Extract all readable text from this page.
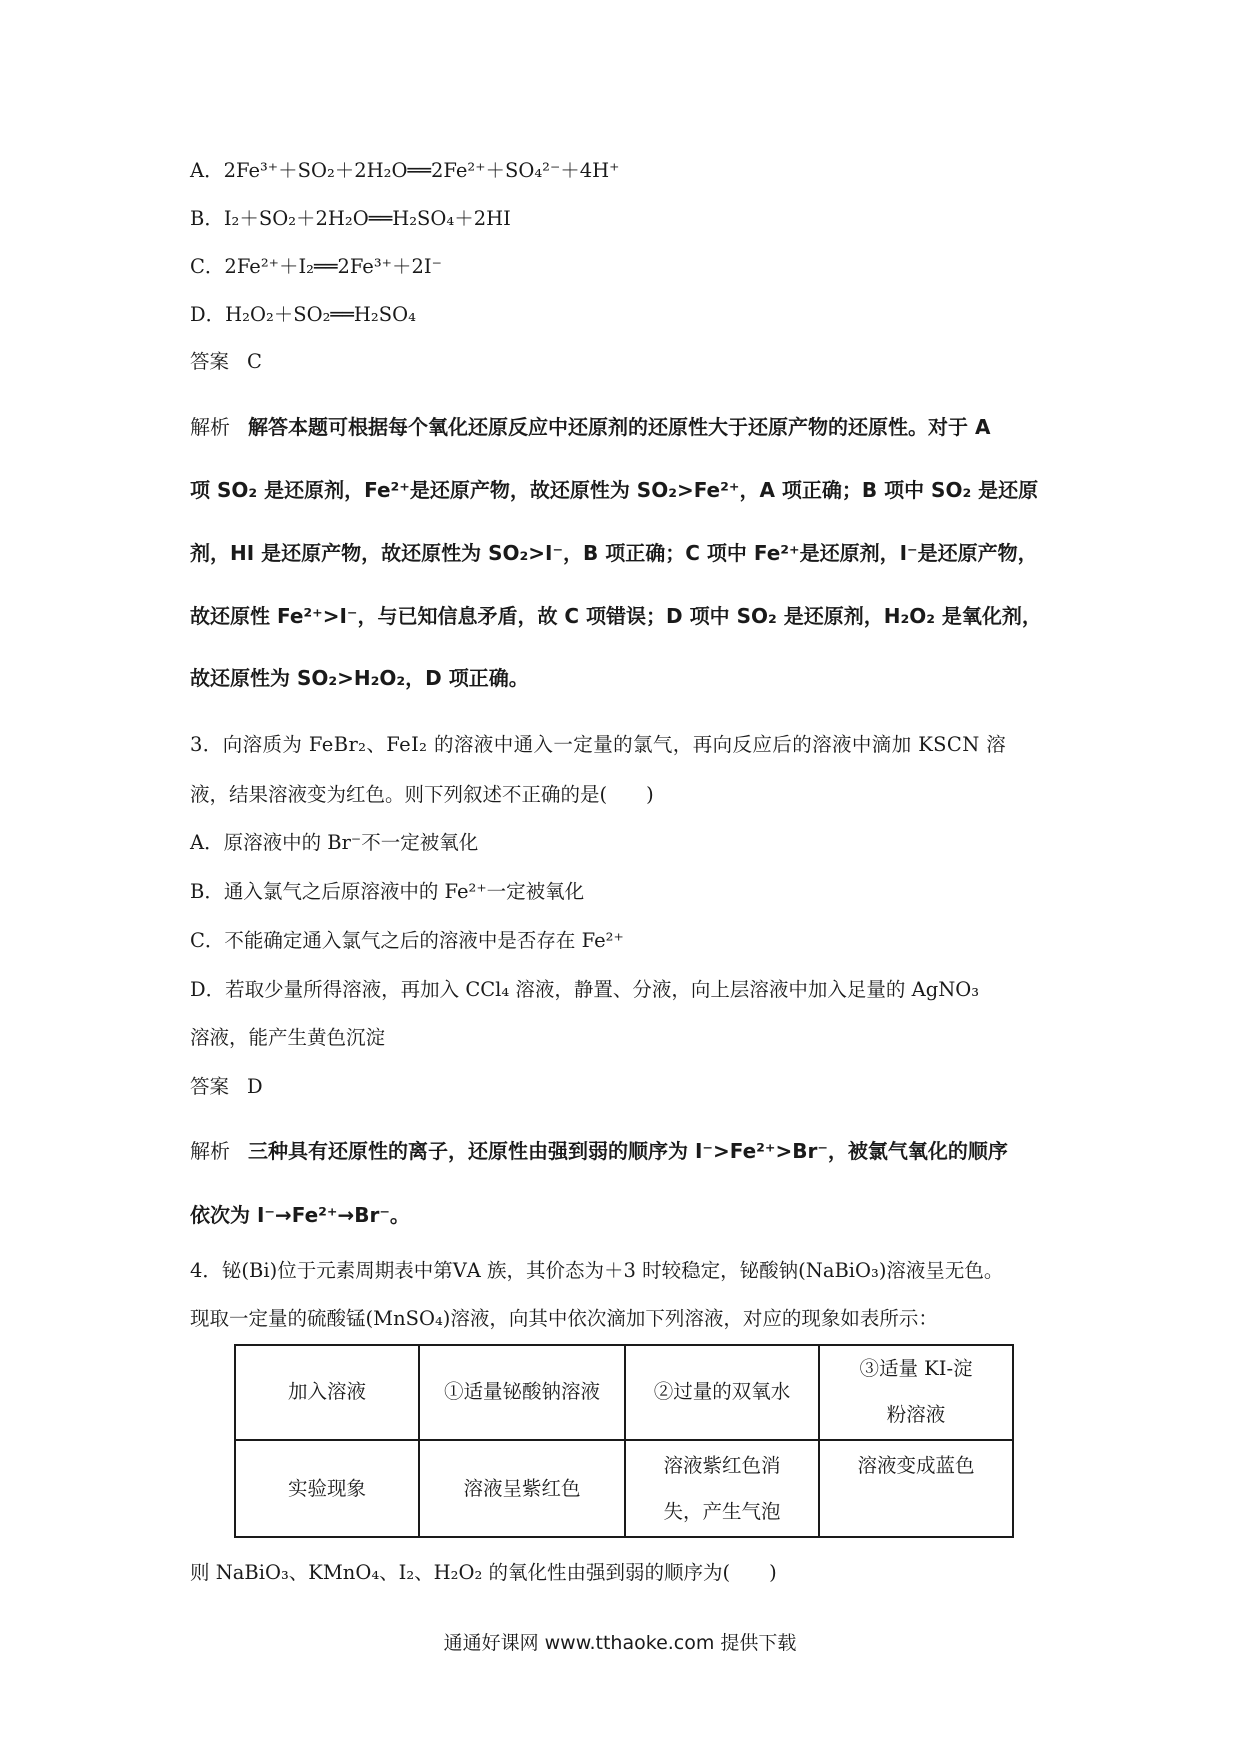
A．2Fe³⁺＋SO₂＋2H₂O══2Fe²⁺＋SO₄²⁻＋4H⁺
B．I₂＋SO₂＋2H₂O══H₂SO₄＋2HI
C．2Fe²⁺＋I₂══2Fe³⁺＋2I⁻
D．H₂O₂＋SO₂══H₂SO₄
答案 C
解析 解答本题可根据每个氧化还原反应中还原剂的还原性大于还原产物的还原性。对于 A
项 SO₂ 是还原剂，Fe²⁺是还原产物，故还原性为 SO₂>Fe²⁺，A 项正确；B 项中 SO₂ 是还原
剂，HI 是还原产物，故还原性为 SO₂>I⁻，B 项正确；C 项中 Fe²⁺是还原剂，I⁻是还原产物，
故还原性 Fe²⁺>I⁻，与已知信息矛盾，故 C 项错误；D 项中 SO₂ 是还原剂，H₂O₂ 是氧化剂，
故还原性为 SO₂>H₂O₂，D 项正确。
3．向溶质为 FeBr₂、FeI₂ 的溶液中通入一定量的氯气，再向反应后的溶液中滴加 KSCN 溶
液，结果溶液变为红色。则下列叙述不正确的是(　　)
A．原溶液中的 Br⁻不一定被氧化
B．通入氯气之后原溶液中的 Fe²⁺一定被氧化
C．不能确定通入氯气之后的溶液中是否存在 Fe²⁺
D．若取少量所得溶液，再加入 CCl₄ 溶液，静置、分液，向上层溶液中加入足量的 AgNO₃
溶液，能产生黄色沉淀
答案 D
解析 三种具有还原性的离子，还原性由强到弱的顺序为 I⁻>Fe²⁺>Br⁻，被氯气氧化的顺序
依次为 I⁻→Fe²⁺→Br⁻。
4．铋(Bi)位于元素周期表中第ⅤA 族，其价态为＋3 时较稳定，铋酸钠(NaBiO₃)溶液呈无色。
现取一定量的硫酸锰(MnSO₄)溶液，向其中依次滴加下列溶液，对应的现象如表所示：
加入溶液	①适量铋酸钠溶液	②过量的双氧水	③适量 KI-淀粉溶液
实验现象	溶液呈紫红色	溶液紫红色消失，产生气泡	溶液变成蓝色
则 NaBiO₃、KMnO₄、I₂、H₂O₂ 的氧化性由强到弱的顺序为(　　)
通通好课网 www.tthaoke.com 提供下载
